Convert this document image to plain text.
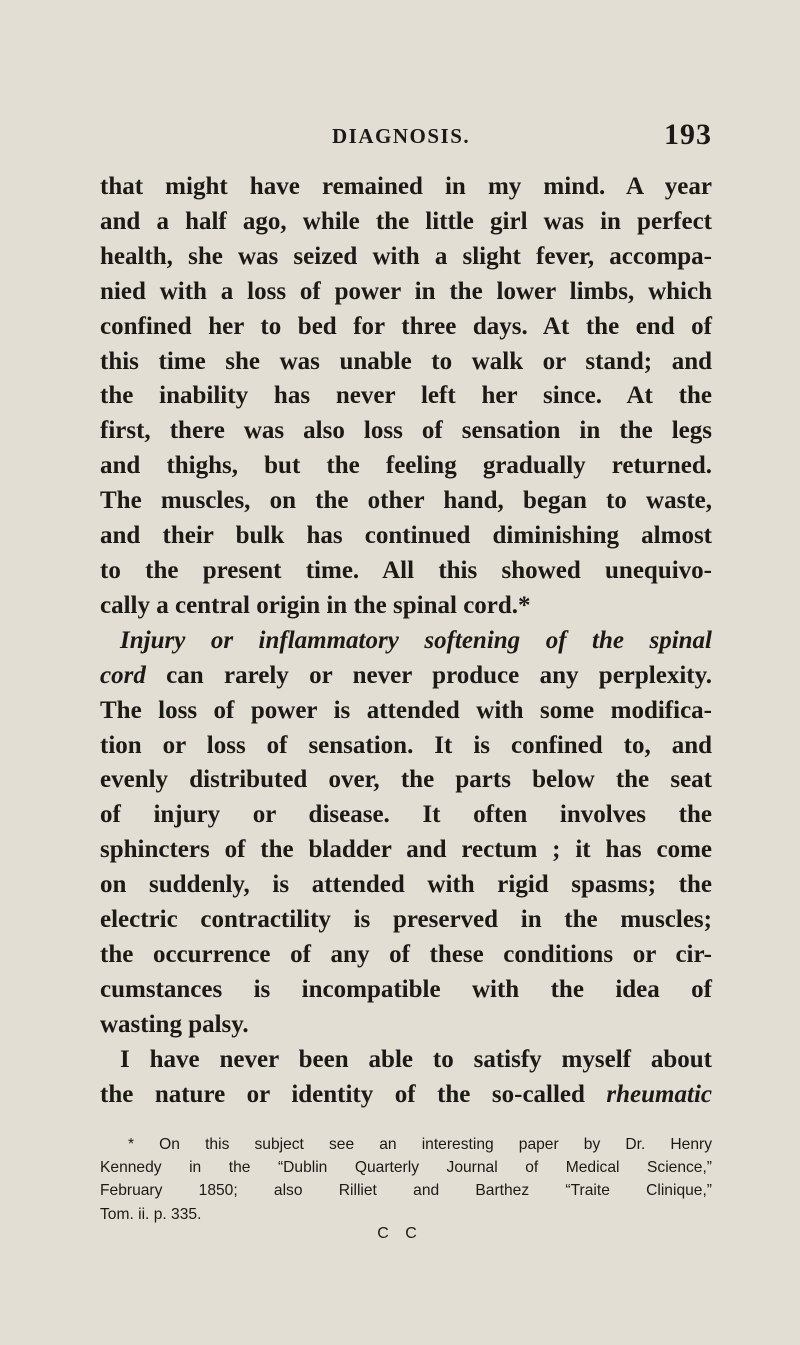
DIAGNOSIS.	193
that might have remained in my mind. A year
and a half ago, while the little girl was in perfect
health, she was seized with a slight fever, accompa-
nied with a loss of power in the lower limbs, which
confined her to bed for three days. At the end of
this time she was unable to walk or stand; and
the inability has never left her since. At the
first, there was also loss of sensation in the legs
and thighs, but the feeling gradually returned.
The muscles, on the other hand, began to waste,
and their bulk has continued diminishing almost
to the present time. All this showed unequivo-
cally a central origin in the spinal cord.*
Injury or inflammatory softening of the spinal
cord can rarely or never produce any perplexity.
The loss of power is attended with some modifica-
tion or loss of sensation. It is confined to, and
evenly distributed over, the parts below the seat
of injury or disease. It often involves the
sphincters of the bladder and rectum ; it has come
on suddenly, is attended with rigid spasms; the
electric contractility is preserved in the muscles;
the occurrence of any of these conditions or cir-
cumstances is incompatible with the idea of
wasting palsy.
I have never been able to satisfy myself about
the nature or identity of the so-called rheumatic
* On this subject see an interesting paper by Dr. Henry
Kennedy in the “Dublin Quarterly Journal of Medical Science,”
February 1850; also Rilliet and Barthez “Traite Clinique,”
Tom. ii. p. 335.
C C
